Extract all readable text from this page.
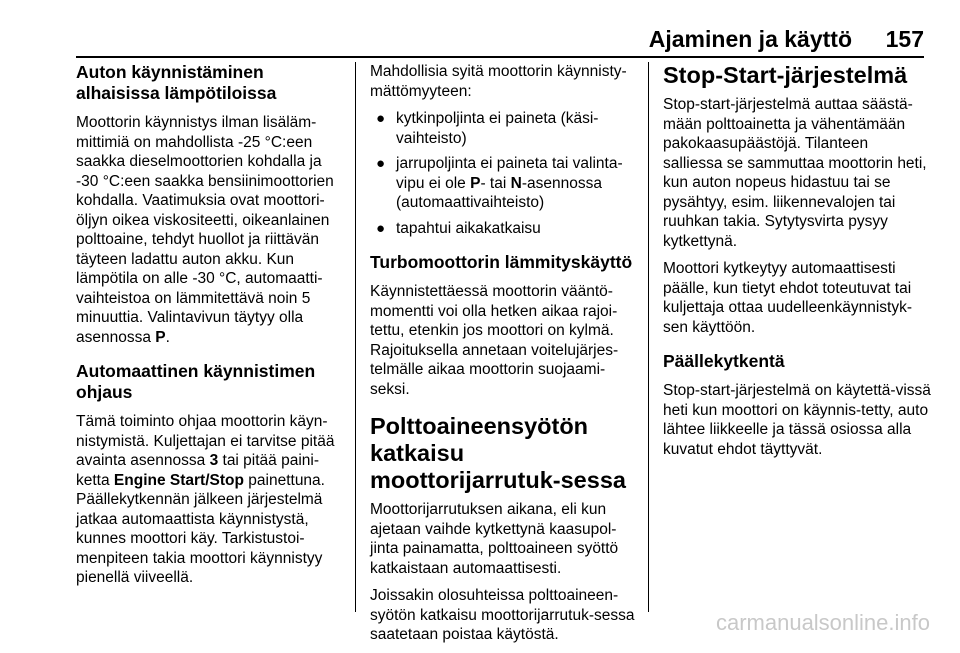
Ajaminen ja käyttö 157
Auton käynnistäminen alhaisissa lämpötiloissa

Moottorin käynnistys ilman lisäläm-mittimiä on mahdollista -25 °C:een saakka dieselmoottorien kohdalla ja -30 °C:een saakka bensiinimoottorien kohdalla. Vaatimuksia ovat moottori-öljyn oikea viskositeetti, oikeanlainen polttoaine, tehdyt huollot ja riittävän täyteen ladattu auton akku. Kun lämpötila on alle -30 °C, automaatti-vaihteistoa on lämmitettävä noin 5 minuuttia. Valintavivun täytyy olla asennossa P.

Automaattinen käynnistimen ohjaus

Tämä toiminto ohjaa moottorin käyn-nistymistä. Kuljettajan ei tarvitse pitää avainta asennossa 3 tai pitää paini-ketta Engine Start/Stop painettuna. Päällekytkennän jälkeen järjestelmä jatkaa automaattista käynnistystä, kunnes moottori käy. Tarkistustoi-menpiteen takia moottori käynnistyy pienellä viiveellä.

Mahdollisia syitä moottorin käynnisty-mättömyyteen:

● kytkinpoljinta ei paineta (käsi-vaihteisto)
● jarrupoljinta ei paineta tai valinta-vipu ei ole P- tai N-asennossa (automaattivaihteisto)
● tapahtui aikakatkaisu
Turbomoottorin lämmityskäyttö

Käynnistettäessä moottorin vääntö-momentti voi olla hetken aikaa rajoi-tettu, etenkin jos moottori on kylmä. Rajoituksella annetaan voitelujärjes-telmälle aikaa moottorin suojaami-seksi.

Polttoaineensyötön katkaisu moottorijarrutuk-sessa

Moottorijarrutuksen aikana, eli kun ajetaan vaihde kytkettynä kaasupol-jinta painamatta, polttoaineen syöttö katkaistaan automaattisesti.

Joissakin olosuhteissa polttoaineen-syötön katkaisu moottorijarrutuk-sessa saatetaan poistaa käytöstä.

Stop-Start-järjestelmä

Stop-start-järjestelmä auttaa säästä-mään polttoainetta ja vähentämään pakokaasupäästöjä. Tilanteen salliessa se sammuttaa moottorin heti, kun auton nopeus hidastuu tai se pysähtyy, esim. liikennevalojen tai ruuhkan takia. Sytytysvirta pysyy kytkettynä.

Moottori kytkeytyy automaattisesti päälle, kun tietyt ehdot toteutuvat tai kuljettaja ottaa uudelleenkäynnistyk-sen käyttöön.

Päällekytkentä

Stop-start-järjestelmä on käytettä-vissä heti kun moottori on käynnis-tetty, auto lähtee liikkeelle ja tässä osiossa alla kuvatut ehdot täyttyvät.

carmanualsonline.info
